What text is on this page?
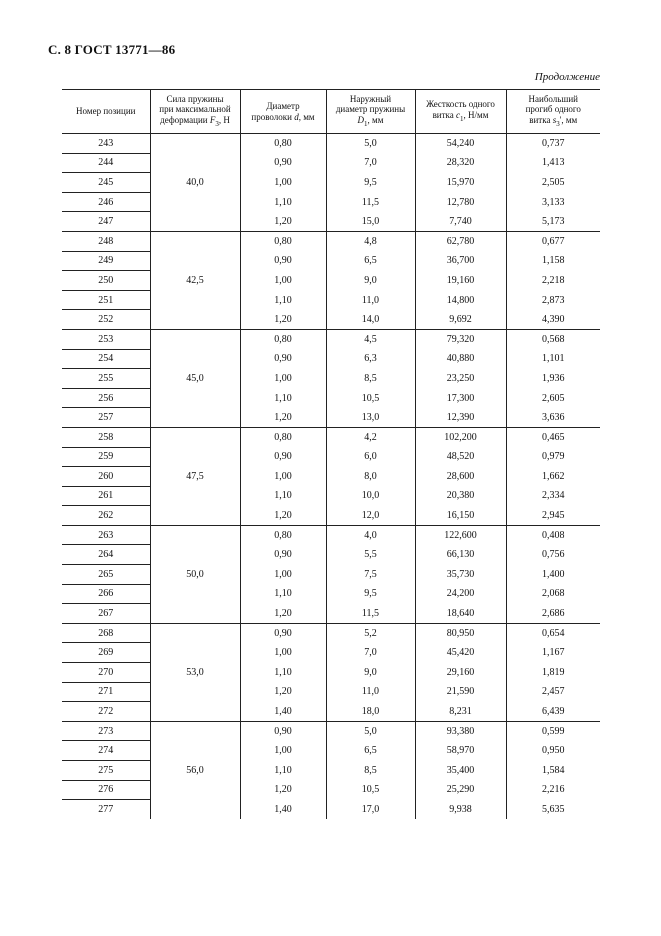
С. 8 ГОСТ 13771—86
Продолжение
Номер позиции	Сила пружины
при максимальной
деформации $F_3$, Н	Диаметр
проволоки d, мм	Наружный
диаметр пружины
$D_1$, мм	Жесткость одного
витка $c_1$, Н/мм	Наибольший
прогиб одного
витка $s_3'$, мм
243	40,0	0,80	5,0	54,240	0,737
244		0,90	7,0	28,320	1,413
245		1,00	9,5	15,970	2,505
246		1,10	11,5	12,780	3,133
247		1,20	15,0	7,740	5,173
248	42,5	0,80	4,8	62,780	0,677
249		0,90	6,5	36,700	1,158
250		1,00	9,0	19,160	2,218
251		1,10	11,0	14,800	2,873
252		1,20	14,0	9,692	4,390
253	45,0	0,80	4,5	79,320	0,568
254		0,90	6,3	40,880	1,101
255		1,00	8,5	23,250	1,936
256		1,10	10,5	17,300	2,605
257		1,20	13,0	12,390	3,636
258	47,5	0,80	4,2	102,200	0,465
259		0,90	6,0	48,520	0,979
260		1,00	8,0	28,600	1,662
261		1,10	10,0	20,380	2,334
262		1,20	12,0	16,150	2,945
263	50,0	0,80	4,0	122,600	0,408
264		0,90	5,5	66,130	0,756
265		1,00	7,5	35,730	1,400
266		1,10	9,5	24,200	2,068
267		1,20	11,5	18,640	2,686
268	53,0	0,90	5,2	80,950	0,654
269		1,00	7,0	45,420	1,167
270		1,10	9,0	29,160	1,819
271		1,20	11,0	21,590	2,457
272		1,40	18,0	8,231	6,439
273	56,0	0,90	5,0	93,380	0,599
274		1,00	6,5	58,970	0,950
275		1,10	8,5	35,400	1,584
276		1,20	10,5	25,290	2,216
277		1,40	17,0	9,938	5,635
